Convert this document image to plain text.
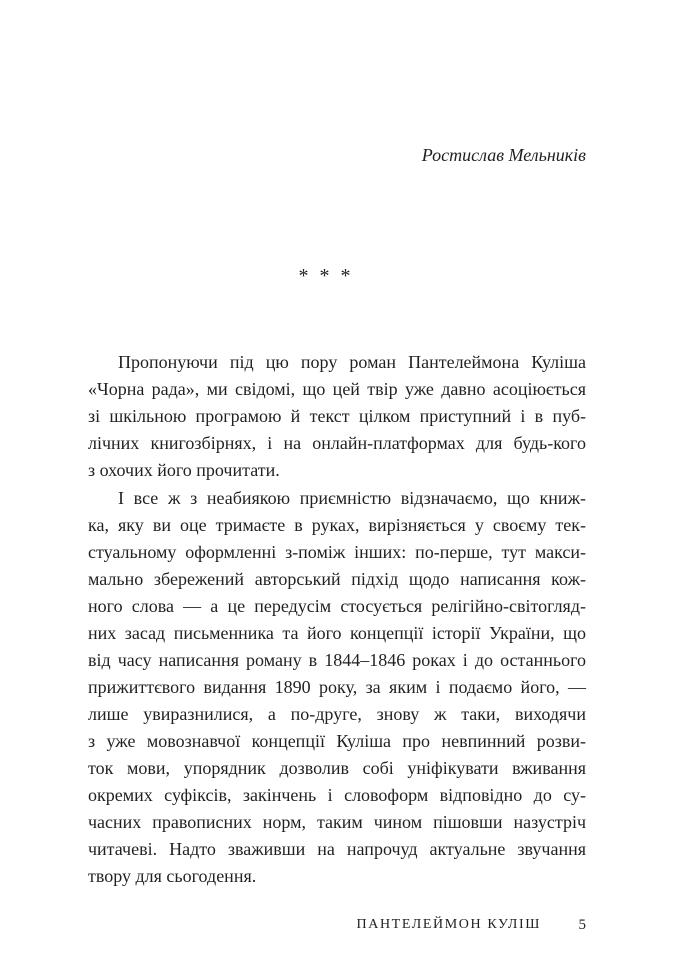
Ростислав Мельників
* * *
Пропонуючи під цю пору роман Пантелеймона Куліша
«Чорна рада», ми свідомі, що цей твір уже давно асоціюється
зі шкільною програмою й текст цілком приступний і в пуб-
лічних книгозбірнях, і на онлайн-платформах для будь-кого
з охочих його прочитати.
І все ж з неабиякою приємністю відзначаємо, що книж-
ка, яку ви оце тримаєте в руках, вирізняється у своєму тек-
стуальному оформленні з-поміж інших: по-перше, тут макси-
мально збережений авторський підхід щодо написання кож-
ного слова — а це передусім стосується релігійно-світогляд-
них засад письменника та його концепції історії України, що
від часу написання роману в 1844–1846 роках і до останнього
прижиттєвого видання 1890 року, за яким і подаємо його, —
лише увиразнилися, а по-друге, знову ж таки, виходячи
з уже мовознавчої концепції Куліша про невпинний розви-
ток мови, упорядник дозволив собі уніфікувати вживання
окремих суфіксів, закінчень і словоформ відповідно до су-
часних правописних норм, таким чином пішовши назустріч
читачеві. Надто зваживши на напрочуд актуальне звучання
твору для сьогодення.
ПАНТЕЛЕЙМОН КУЛІШ	5
